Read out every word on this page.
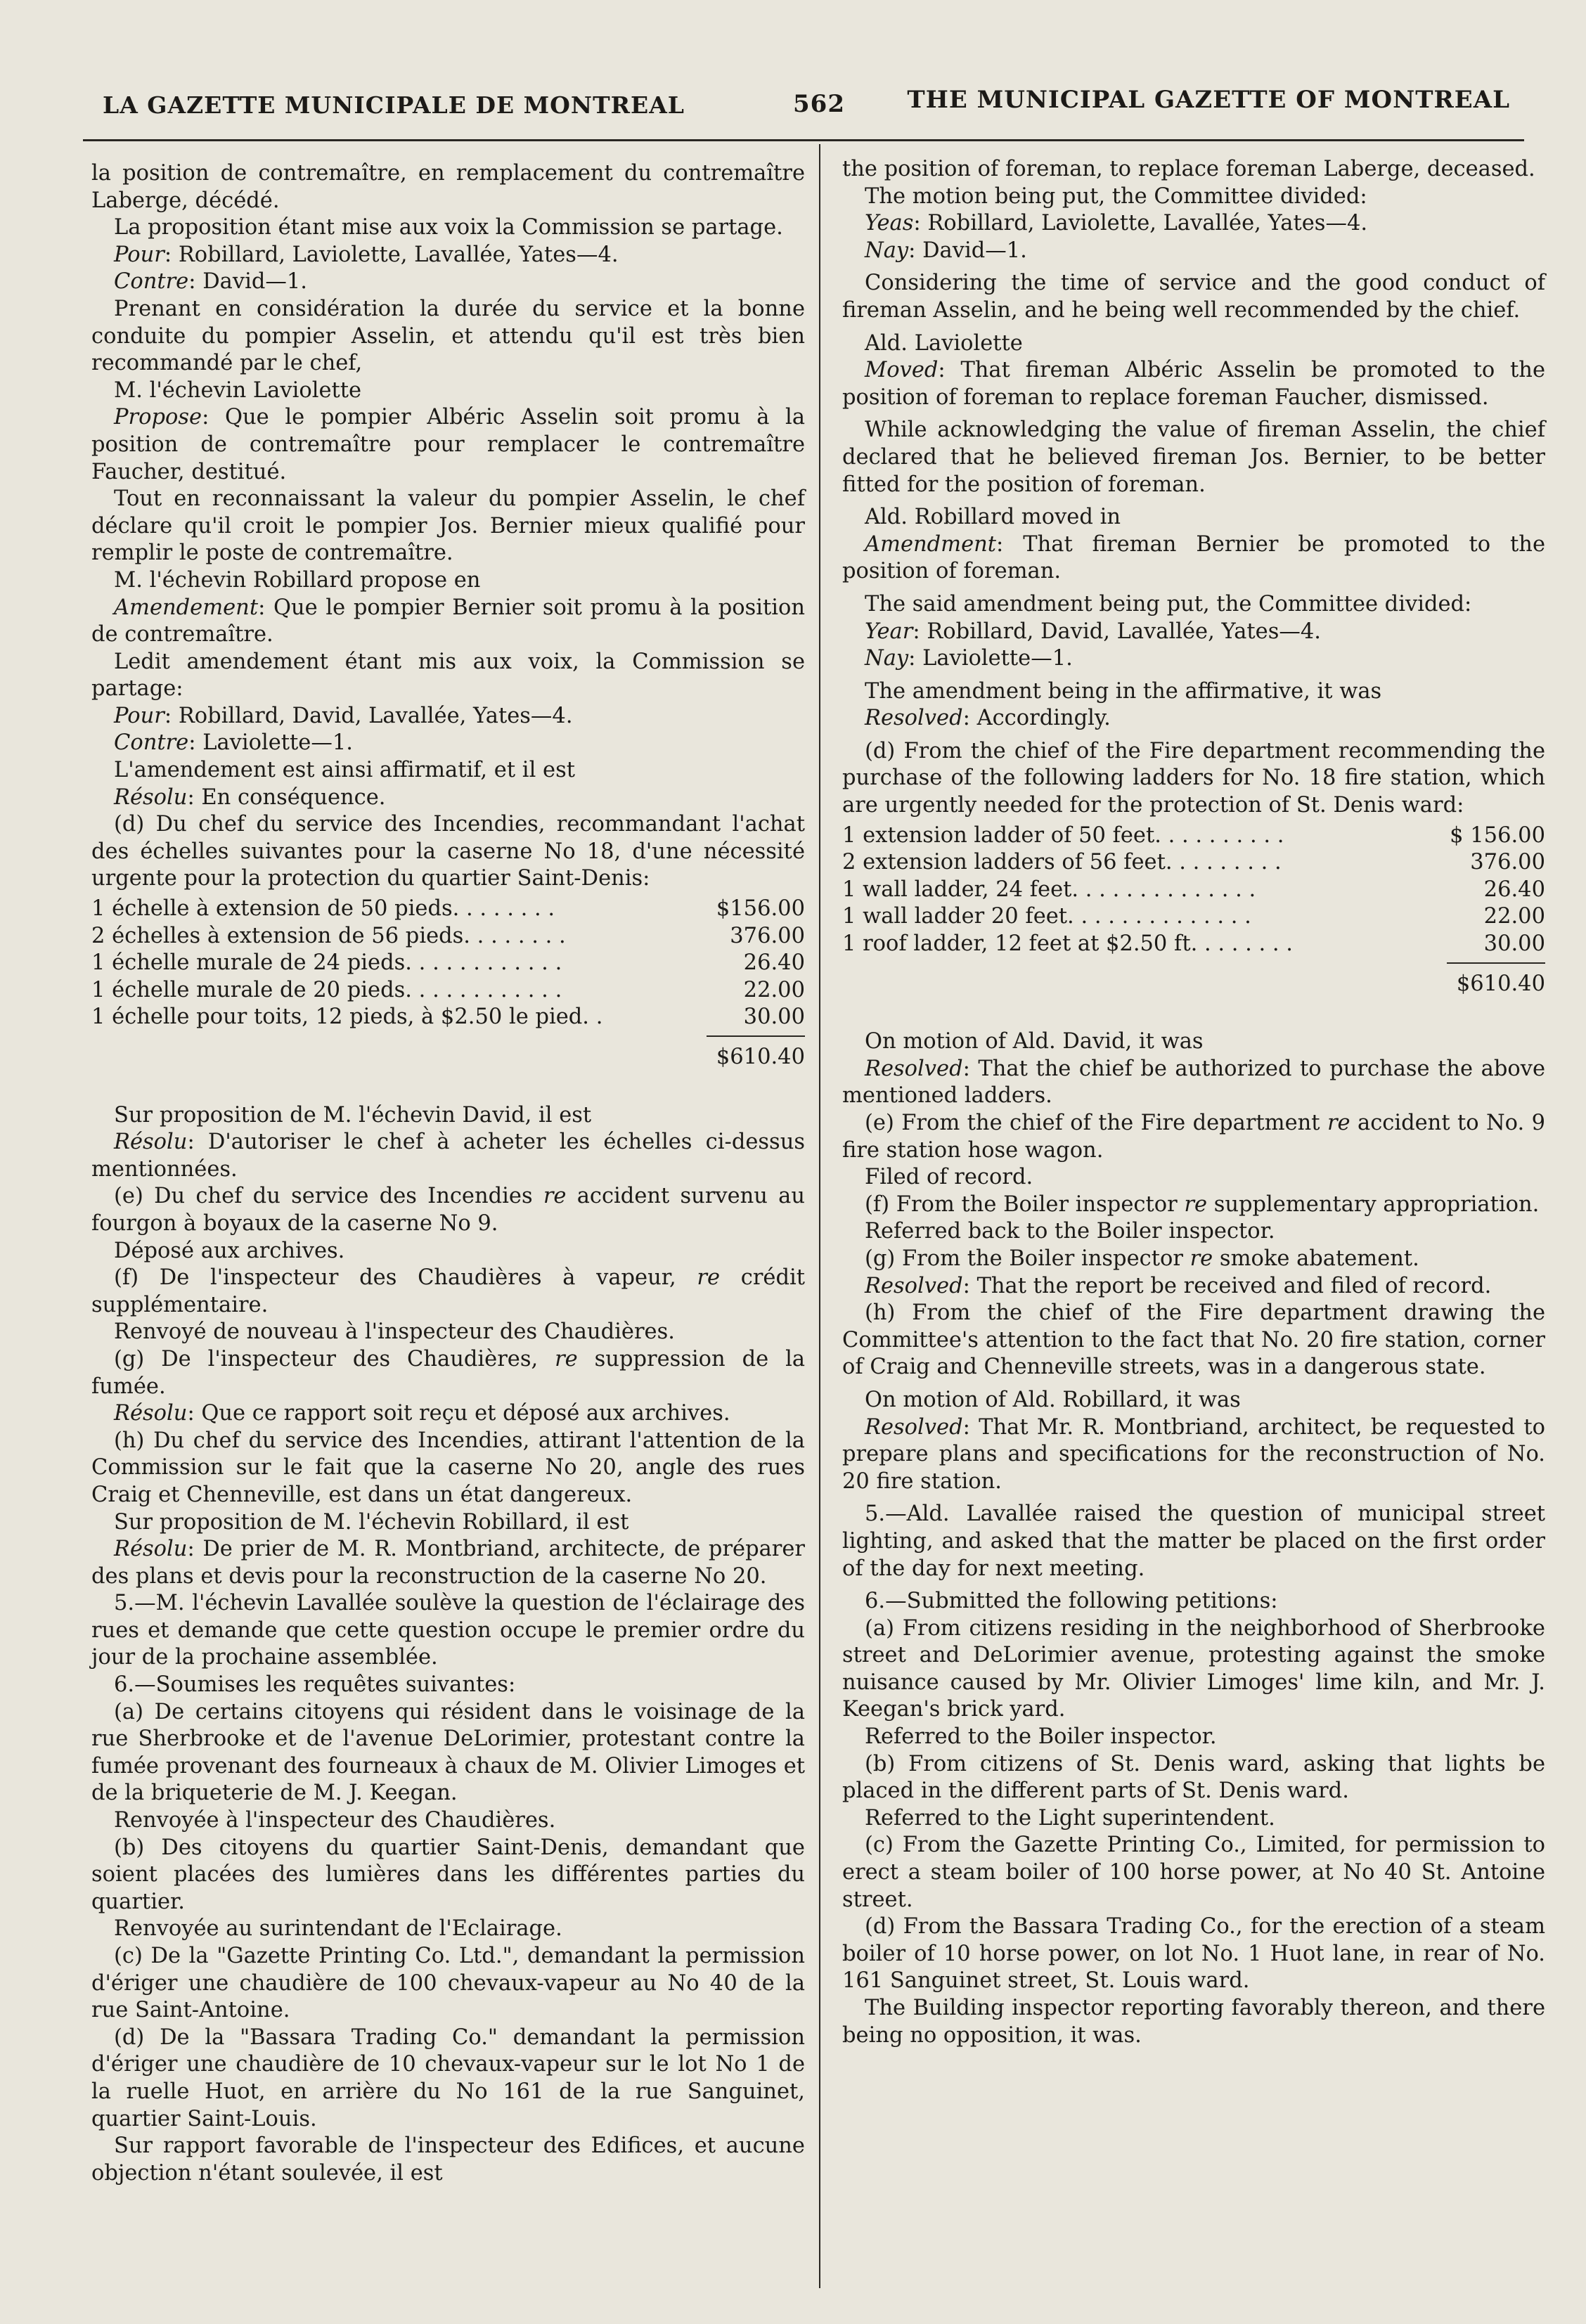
LA GAZETTE MUNICIPALE DE MONTREAL	562	THE MUNICIPAL GAZETTE OF MONTREAL

la position de contremaître, en remplacement du contremaître Laberge, décédé.

La proposition étant mise aux voix la Commission se partage.

Pour: Robillard, Laviolette, Lavallée, Yates—4.

Contre: David—1.

Prenant en considération la durée du service et la bonne conduite du pompier Asselin, et attendu qu'il est très bien recommandé par le chef,

M. l'échevin Laviolette

Propose: Que le pompier Albéric Asselin soit promu à la position de contremaître pour remplacer le contremaître Faucher, destitué.

Tout en reconnaissant la valeur du pompier Asselin, le chef déclare qu'il croit le pompier Jos. Bernier mieux qualifié pour remplir le poste de contremaître.

M. l'échevin Robillard propose en

Amendement: Que le pompier Bernier soit promu à la position de contremaître.

Ledit amendement étant mis aux voix, la Commission se partage:

Pour: Robillard, David, Lavallée, Yates—4.

Contre: Laviolette—1.

L'amendement est ainsi affirmatif, et il est

Résolu: En conséquence.

(d) Du chef du service des Incendies, recommandant l'achat des échelles suivantes pour la caserne No 18, d'une nécessité urgente pour la protection du quartier Saint-Denis:

1 échelle à extension de 50 pieds. . . . . . . .	$156.00
2 échelles à extension de 56 pieds. . . . . . . .	376.00
1 échelle murale de 24 pieds. . . . . . . . . . . .	26.40
1 échelle murale de 20 pieds. . . . . . . . . . . .	22.00
1 échelle pour toits, 12 pieds, à $2.50 le pied. .	30.00
$610.40

Sur proposition de M. l'échevin David, il est

Résolu: D'autoriser le chef à acheter les échelles ci-dessus mentionnées.

(e) Du chef du service des Incendies re accident survenu au fourgon à boyaux de la caserne No 9.

Déposé aux archives.

(f) De l'inspecteur des Chaudières à vapeur, re crédit supplémentaire.

Renvoyé de nouveau à l'inspecteur des Chaudières.

(g) De l'inspecteur des Chaudières, re suppression de la fumée.

Résolu: Que ce rapport soit reçu et déposé aux archives.

(h) Du chef du service des Incendies, attirant l'attention de la Commission sur le fait que la caserne No 20, angle des rues Craig et Chenneville, est dans un état dangereux.

Sur proposition de M. l'échevin Robillard, il est

Résolu: De prier de M. R. Montbriand, architecte, de préparer des plans et devis pour la reconstruction de la caserne No 20.

5.—M. l'échevin Lavallée soulève la question de l'éclairage des rues et demande que cette question occupe le premier ordre du jour de la prochaine assemblée.

6.—Soumises les requêtes suivantes:

(a) De certains citoyens qui résident dans le voisinage de la rue Sherbrooke et de l'avenue DeLorimier, protestant contre la fumée provenant des fourneaux à chaux de M. Olivier Limoges et de la briqueterie de M. J. Keegan.

Renvoyée à l'inspecteur des Chaudières.

(b) Des citoyens du quartier Saint-Denis, demandant que soient placées des lumières dans les différentes parties du quartier.

Renvoyée au surintendant de l'Eclairage.

(c) De la "Gazette Printing Co. Ltd.", demandant la permission d'ériger une chaudière de 100 chevaux-vapeur au No 40 de la rue Saint-Antoine.

(d) De la "Bassara Trading Co." demandant la permission d'ériger une chaudière de 10 chevaux-vapeur sur le lot No 1 de la ruelle Huot, en arrière du No 161 de la rue Sanguinet, quartier Saint-Louis.

Sur rapport favorable de l'inspecteur des Edifices, et aucune objection n'étant soulevée, il est

the position of foreman, to replace foreman Laberge, deceased.

The motion being put, the Committee divided:

Yeas: Robillard, Laviolette, Lavallée, Yates—4.

Nay: David—1.

Considering the time of service and the good conduct of fireman Asselin, and he being well recommended by the chief.

Ald. Laviolette

Moved: That fireman Albéric Asselin be promoted to the position of foreman to replace foreman Faucher, dismissed.

While acknowledging the value of fireman Asselin, the chief declared that he believed fireman Jos. Bernier, to be better fitted for the position of foreman.

Ald. Robillard moved in

Amendment: That fireman Bernier be promoted to the position of foreman.

The said amendment being put, the Committee divided:

Year: Robillard, David, Lavallée, Yates—4.

Nay: Laviolette—1.

The amendment being in the affirmative, it was

Resolved: Accordingly.

(d) From the chief of the Fire department recommending the purchase of the following ladders for No. 18 fire station, which are urgently needed for the protection of St. Denis ward:

1 extension ladder of 50 feet. . . . . . . . . .	$ 156.00
2 extension ladders of 56 feet. . . . . . . . .	376.00
1 wall ladder, 24 feet. . . . . . . . . . . . . .	26.40
1 wall ladder 20 feet. . . . . . . . . . . . . .	22.00
1 roof ladder, 12 feet at $2.50 ft. . . . . . . .	30.00
$610.40

On motion of Ald. David, it was

Resolved: That the chief be authorized to purchase the above mentioned ladders.

(e) From the chief of the Fire department re accident to No. 9 fire station hose wagon.

Filed of record.

(f) From the Boiler inspector re supplementary appropriation.

Referred back to the Boiler inspector.

(g) From the Boiler inspector re smoke abatement.

Resolved: That the report be received and filed of record.

(h) From the chief of the Fire department drawing the Committee's attention to the fact that No. 20 fire station, corner of Craig and Chenneville streets, was in a dangerous state.

On motion of Ald. Robillard, it was

Resolved: That Mr. R. Montbriand, architect, be requested to prepare plans and specifications for the reconstruction of No. 20 fire station.

5.—Ald. Lavallée raised the question of municipal street lighting, and asked that the matter be placed on the first order of the day for next meeting.

6.—Submitted the following petitions:

(a) From citizens residing in the neighborhood of Sherbrooke street and DeLorimier avenue, protesting against the smoke nuisance caused by Mr. Olivier Limoges' lime kiln, and Mr. J. Keegan's brick yard.

Referred to the Boiler inspector.

(b) From citizens of St. Denis ward, asking that lights be placed in the different parts of St. Denis ward.

Referred to the Light superintendent.

(c) From the Gazette Printing Co., Limited, for permission to erect a steam boiler of 100 horse power, at No 40 St. Antoine street.

(d) From the Bassara Trading Co., for the erection of a steam boiler of 10 horse power, on lot No. 1 Huot lane, in rear of No. 161 Sanguinet street, St. Louis ward.

The Building inspector reporting favorably thereon, and there being no opposition, it was.
